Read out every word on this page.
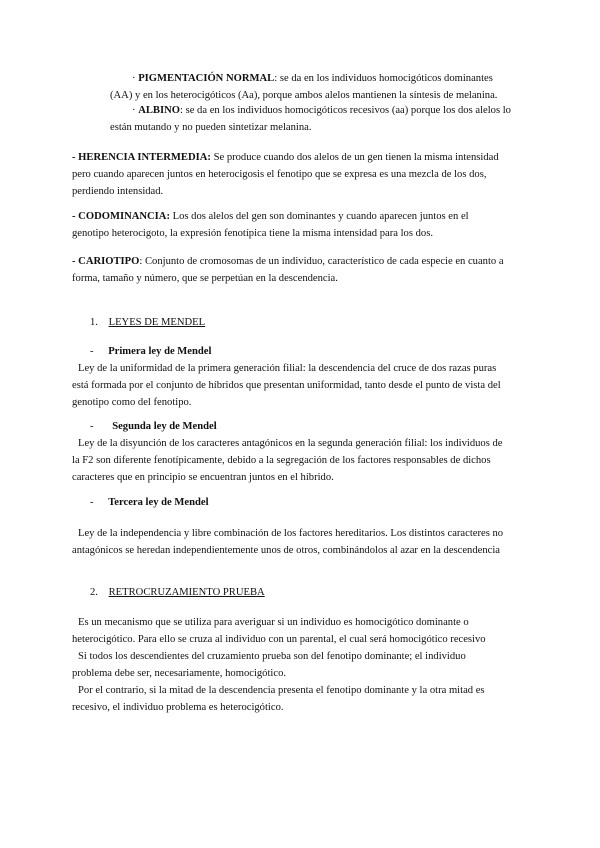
· PIGMENTACIÓN NORMAL: se da en los individuos homocigóticos dominantes
(AA) y en los heterocigóticos (Aa), porque ambos alelos mantienen la síntesis de melanina.
· ALBINO: se da en los individuos homocigóticos recesivos (aa) porque los dos alelos lo
están mutando y no pueden sintetizar melanina.
- HERENCIA INTERMEDIA: Se produce cuando dos alelos de un gen tienen la misma intensidad
pero cuando aparecen juntos en heterocigosis el fenotipo que se expresa es una mezcla de los dos,
perdiendo intensidad.
- CODOMINANCIA: Los dos alelos del gen son dominantes y cuando aparecen juntos en el
genotipo heterocigoto, la expresión fenotípica tiene la misma intensidad para los dos.
- CARIOTIPO: Conjunto de cromosomas de un individuo, característico de cada especie en cuanto a
forma, tamaño y número, que se perpetúan en la descendencia.
1. LEYES DE MENDEL
- Primera ley de Mendel
Ley de la uniformidad de la primera generación filial: la descendencia del cruce de dos razas puras
está formada por el conjunto de híbridos que presentan uniformidad, tanto desde el punto de vista del
genotipo como del fenotipo.
- Segunda ley de Mendel
Ley de la disyunción de los caracteres antagónicos en la segunda generación filial: los individuos de
la F2 son diferente fenotípicamente, debido a la segregación de los factores responsables de dichos
caracteres que en principio se encuentran juntos en el híbrido.
- Tercera ley de Mendel
Ley de la independencia y libre combinación de los factores hereditarios. Los distintos caracteres no
antagónicos se heredan independientemente unos de otros, combinándolos al azar en la descendencia
2. RETROCRUZAMIENTO PRUEBA
Es un mecanismo que se utiliza para averiguar si un individuo es homocigótico dominante o
heterocigótico. Para ello se cruza al individuo con un parental, el cual será homocigótico recesivo
Si todos los descendientes del cruzamiento prueba son del fenotipo dominante; el individuo
problema debe ser, necesariamente, homocigótico.
Por el contrario, si la mitad de la descendencia presenta el fenotipo dominante y la otra mitad es
recesivo, el individuo problema es heterocigótico.
